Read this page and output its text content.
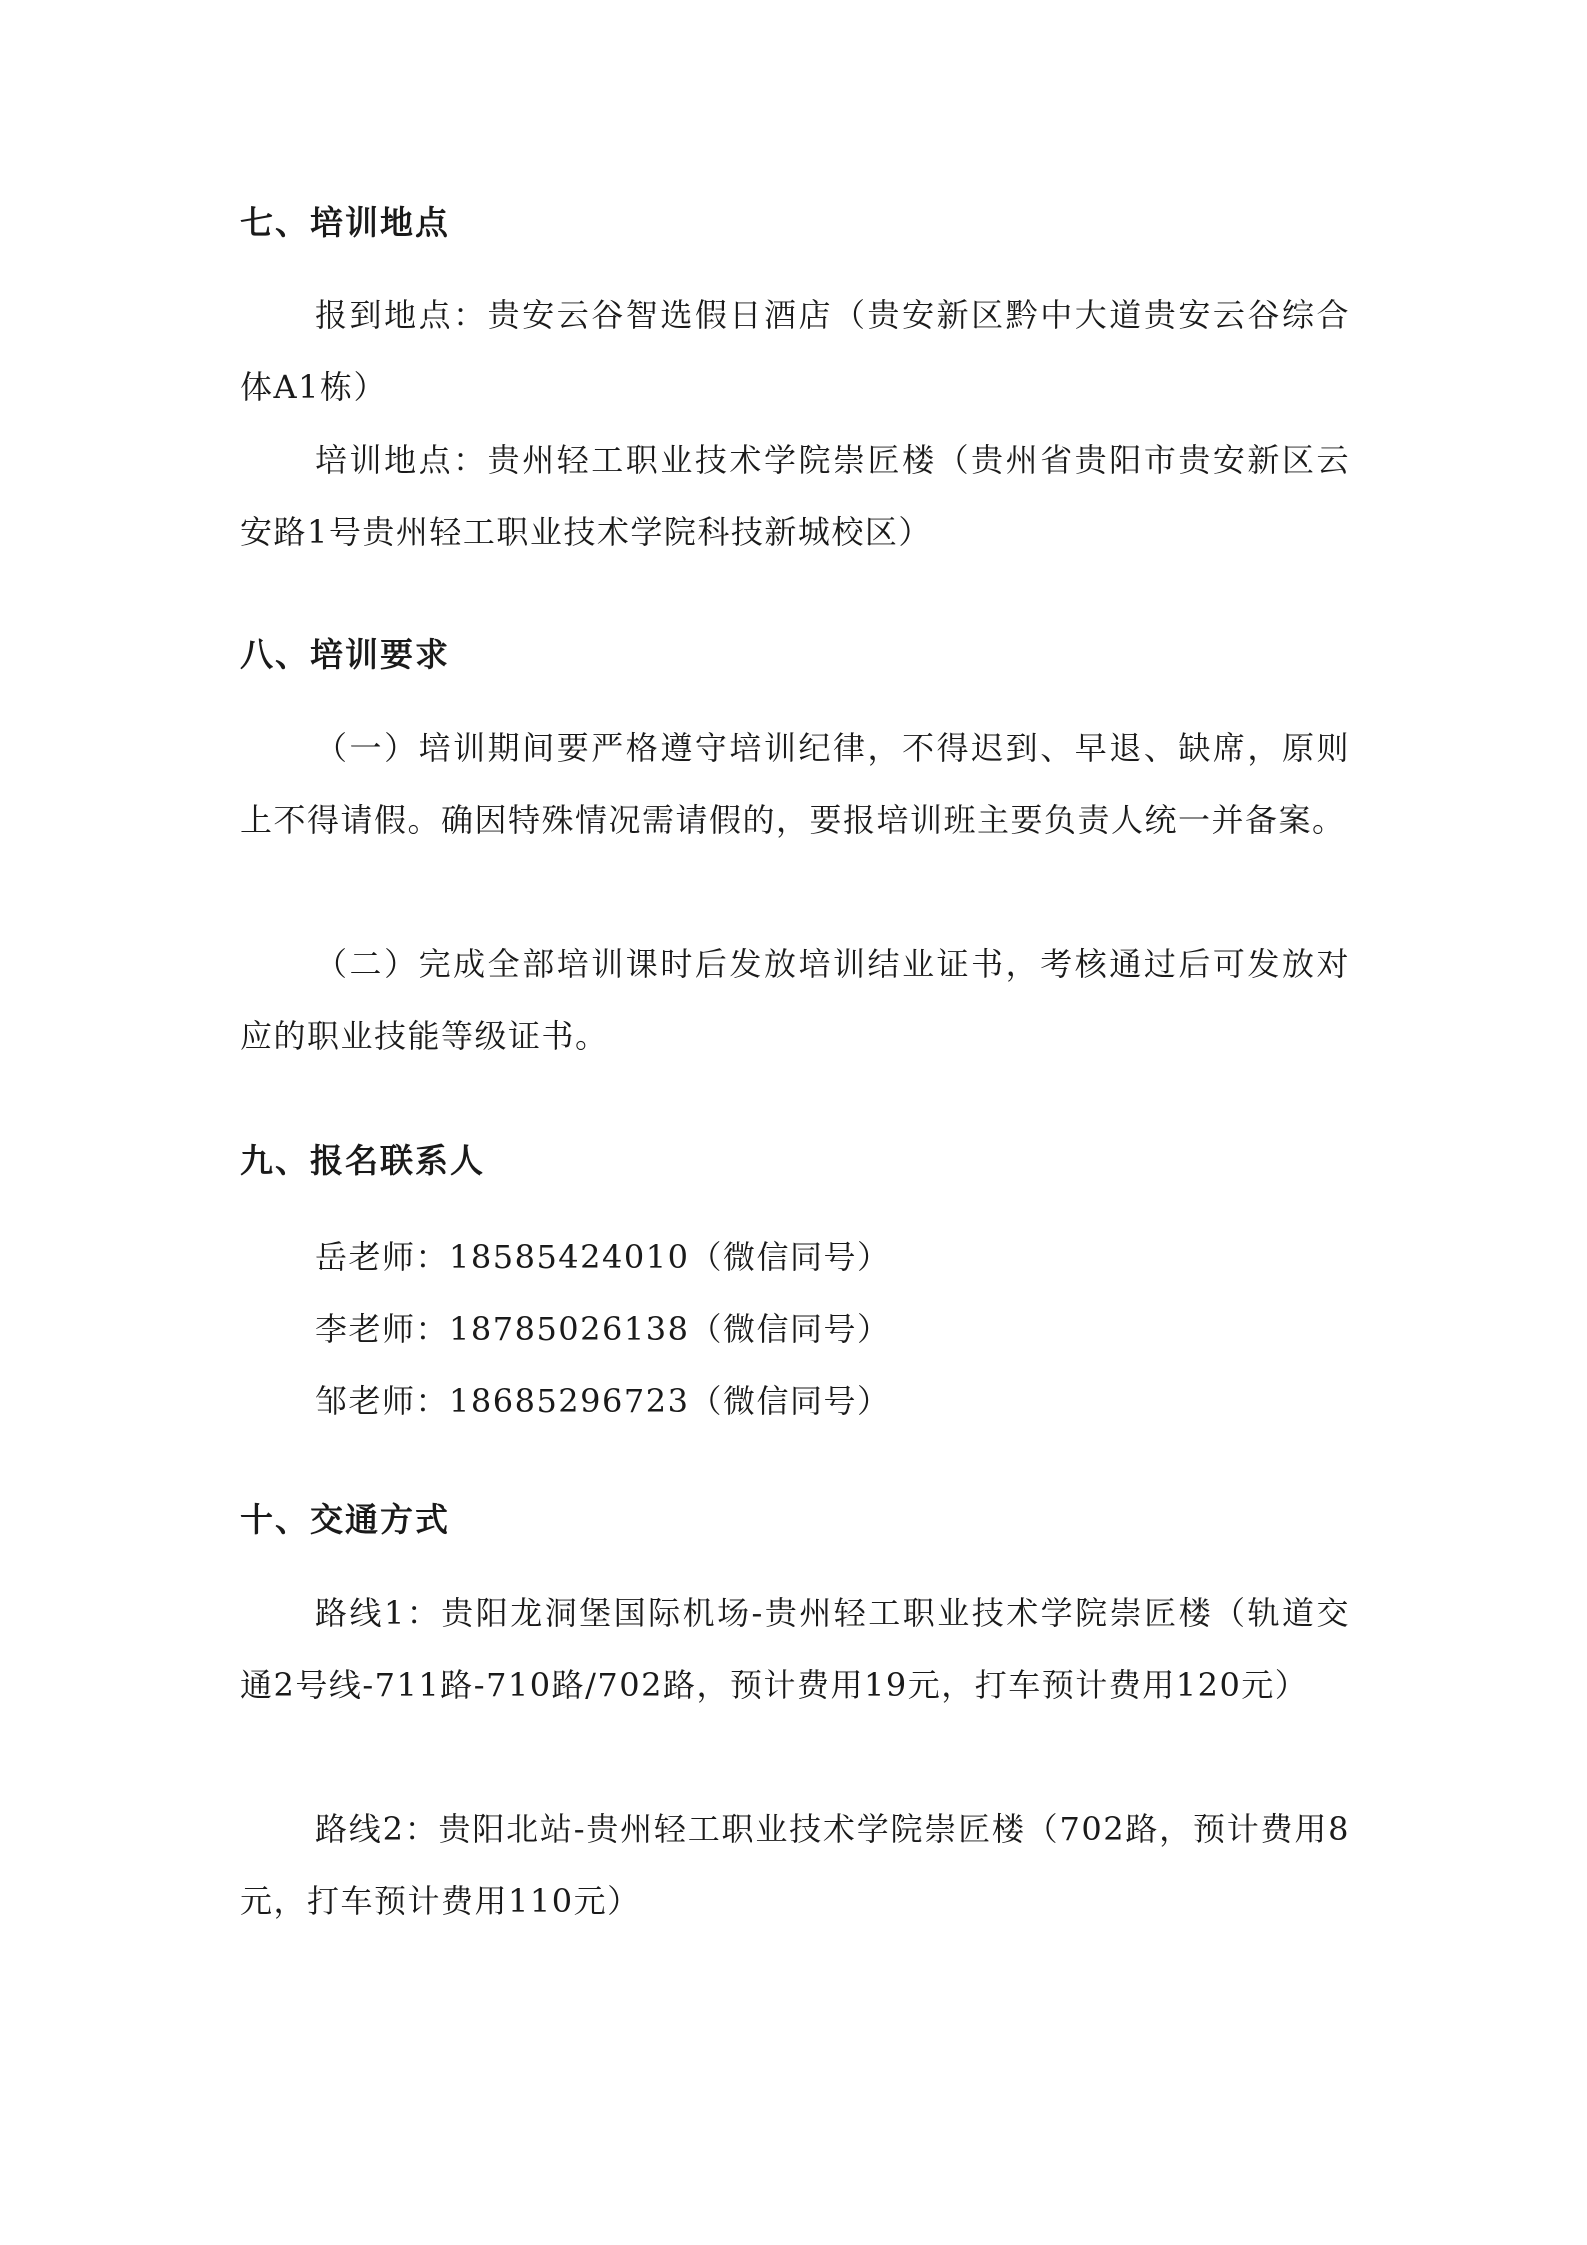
七、培训地点

报到地点：贵安云谷智选假日酒店（贵安新区黔中大道贵安云谷综合体A1栋）

培训地点：贵州轻工职业技术学院崇匠楼（贵州省贵阳市贵安新区云安路1号贵州轻工职业技术学院科技新城校区）

八、培训要求

（一）培训期间要严格遵守培训纪律，不得迟到、早退、缺席，原则上不得请假。确因特殊情况需请假的，要报培训班主要负责人统一并备案。

（二）完成全部培训课时后发放培训结业证书，考核通过后可发放对应的职业技能等级证书。

九、报名联系人

岳老师：18585424010（微信同号）

李老师：18785026138（微信同号）

邹老师：18685296723（微信同号）

十、交通方式

路线1：贵阳龙洞堡国际机场-贵州轻工职业技术学院崇匠楼（轨道交通2号线-711路-710路/702路，预计费用19元，打车预计费用120元）

路线2：贵阳北站-贵州轻工职业技术学院崇匠楼（702路，预计费用8元，打车预计费用110元）
